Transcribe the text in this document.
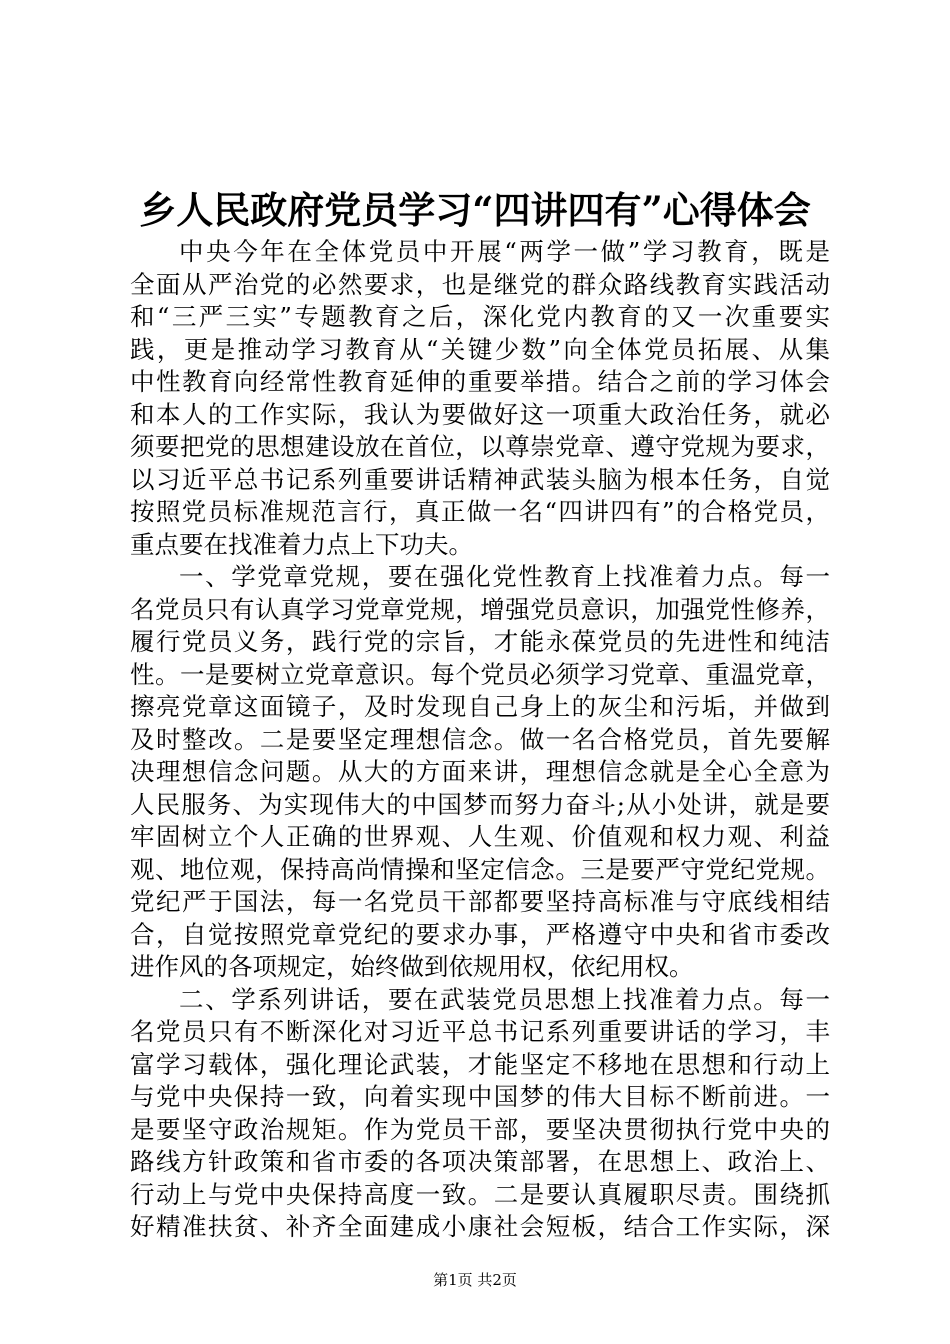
乡人民政府党员学习“四讲四有”心得体会
中央今年在全体党员中开展“两学一做”学习教育，既是
全面从严治党的必然要求，也是继党的群众路线教育实践活动
和“三严三实”专题教育之后，深化党内教育的又一次重要实
践，更是推动学习教育从“关键少数”向全体党员拓展、从集
中性教育向经常性教育延伸的重要举措。结合之前的学习体会
和本人的工作实际，我认为要做好这一项重大政治任务，就必
须要把党的思想建设放在首位，以尊崇党章、遵守党规为要求，
以习近平总书记系列重要讲话精神武装头脑为根本任务，自觉
按照党员标准规范言行，真正做一名“四讲四有”的合格党员，
重点要在找准着力点上下功夫。
一、学党章党规，要在强化党性教育上找准着力点。每一
名党员只有认真学习党章党规，增强党员意识，加强党性修养，
履行党员义务，践行党的宗旨，才能永葆党员的先进性和纯洁
性。一是要树立党章意识。每个党员必须学习党章、重温党章，
擦亮党章这面镜子，及时发现自己身上的灰尘和污垢，并做到
及时整改。二是要坚定理想信念。做一名合格党员，首先要解
决理想信念问题。从大的方面来讲，理想信念就是全心全意为
人民服务、为实现伟大的中国梦而努力奋斗;从小处讲，就是要
牢固树立个人正确的世界观、人生观、价值观和权力观、利益
观、地位观，保持高尚情操和坚定信念。三是要严守党纪党规。
党纪严于国法，每一名党员干部都要坚持高标准与守底线相结
合，自觉按照党章党纪的要求办事，严格遵守中央和省市委改
进作风的各项规定，始终做到依规用权，依纪用权。
二、学系列讲话，要在武装党员思想上找准着力点。每一
名党员只有不断深化对习近平总书记系列重要讲话的学习，丰
富学习载体，强化理论武装，才能坚定不移地在思想和行动上
与党中央保持一致，向着实现中国梦的伟大目标不断前进。一
是要坚守政治规矩。作为党员干部，要坚决贯彻执行党中央的
路线方针政策和省市委的各项决策部署，在思想上、政治上、
行动上与党中央保持高度一致。二是要认真履职尽责。围绕抓
好精准扶贫、补齐全面建成小康社会短板，结合工作实际，深
第1页 共2页
